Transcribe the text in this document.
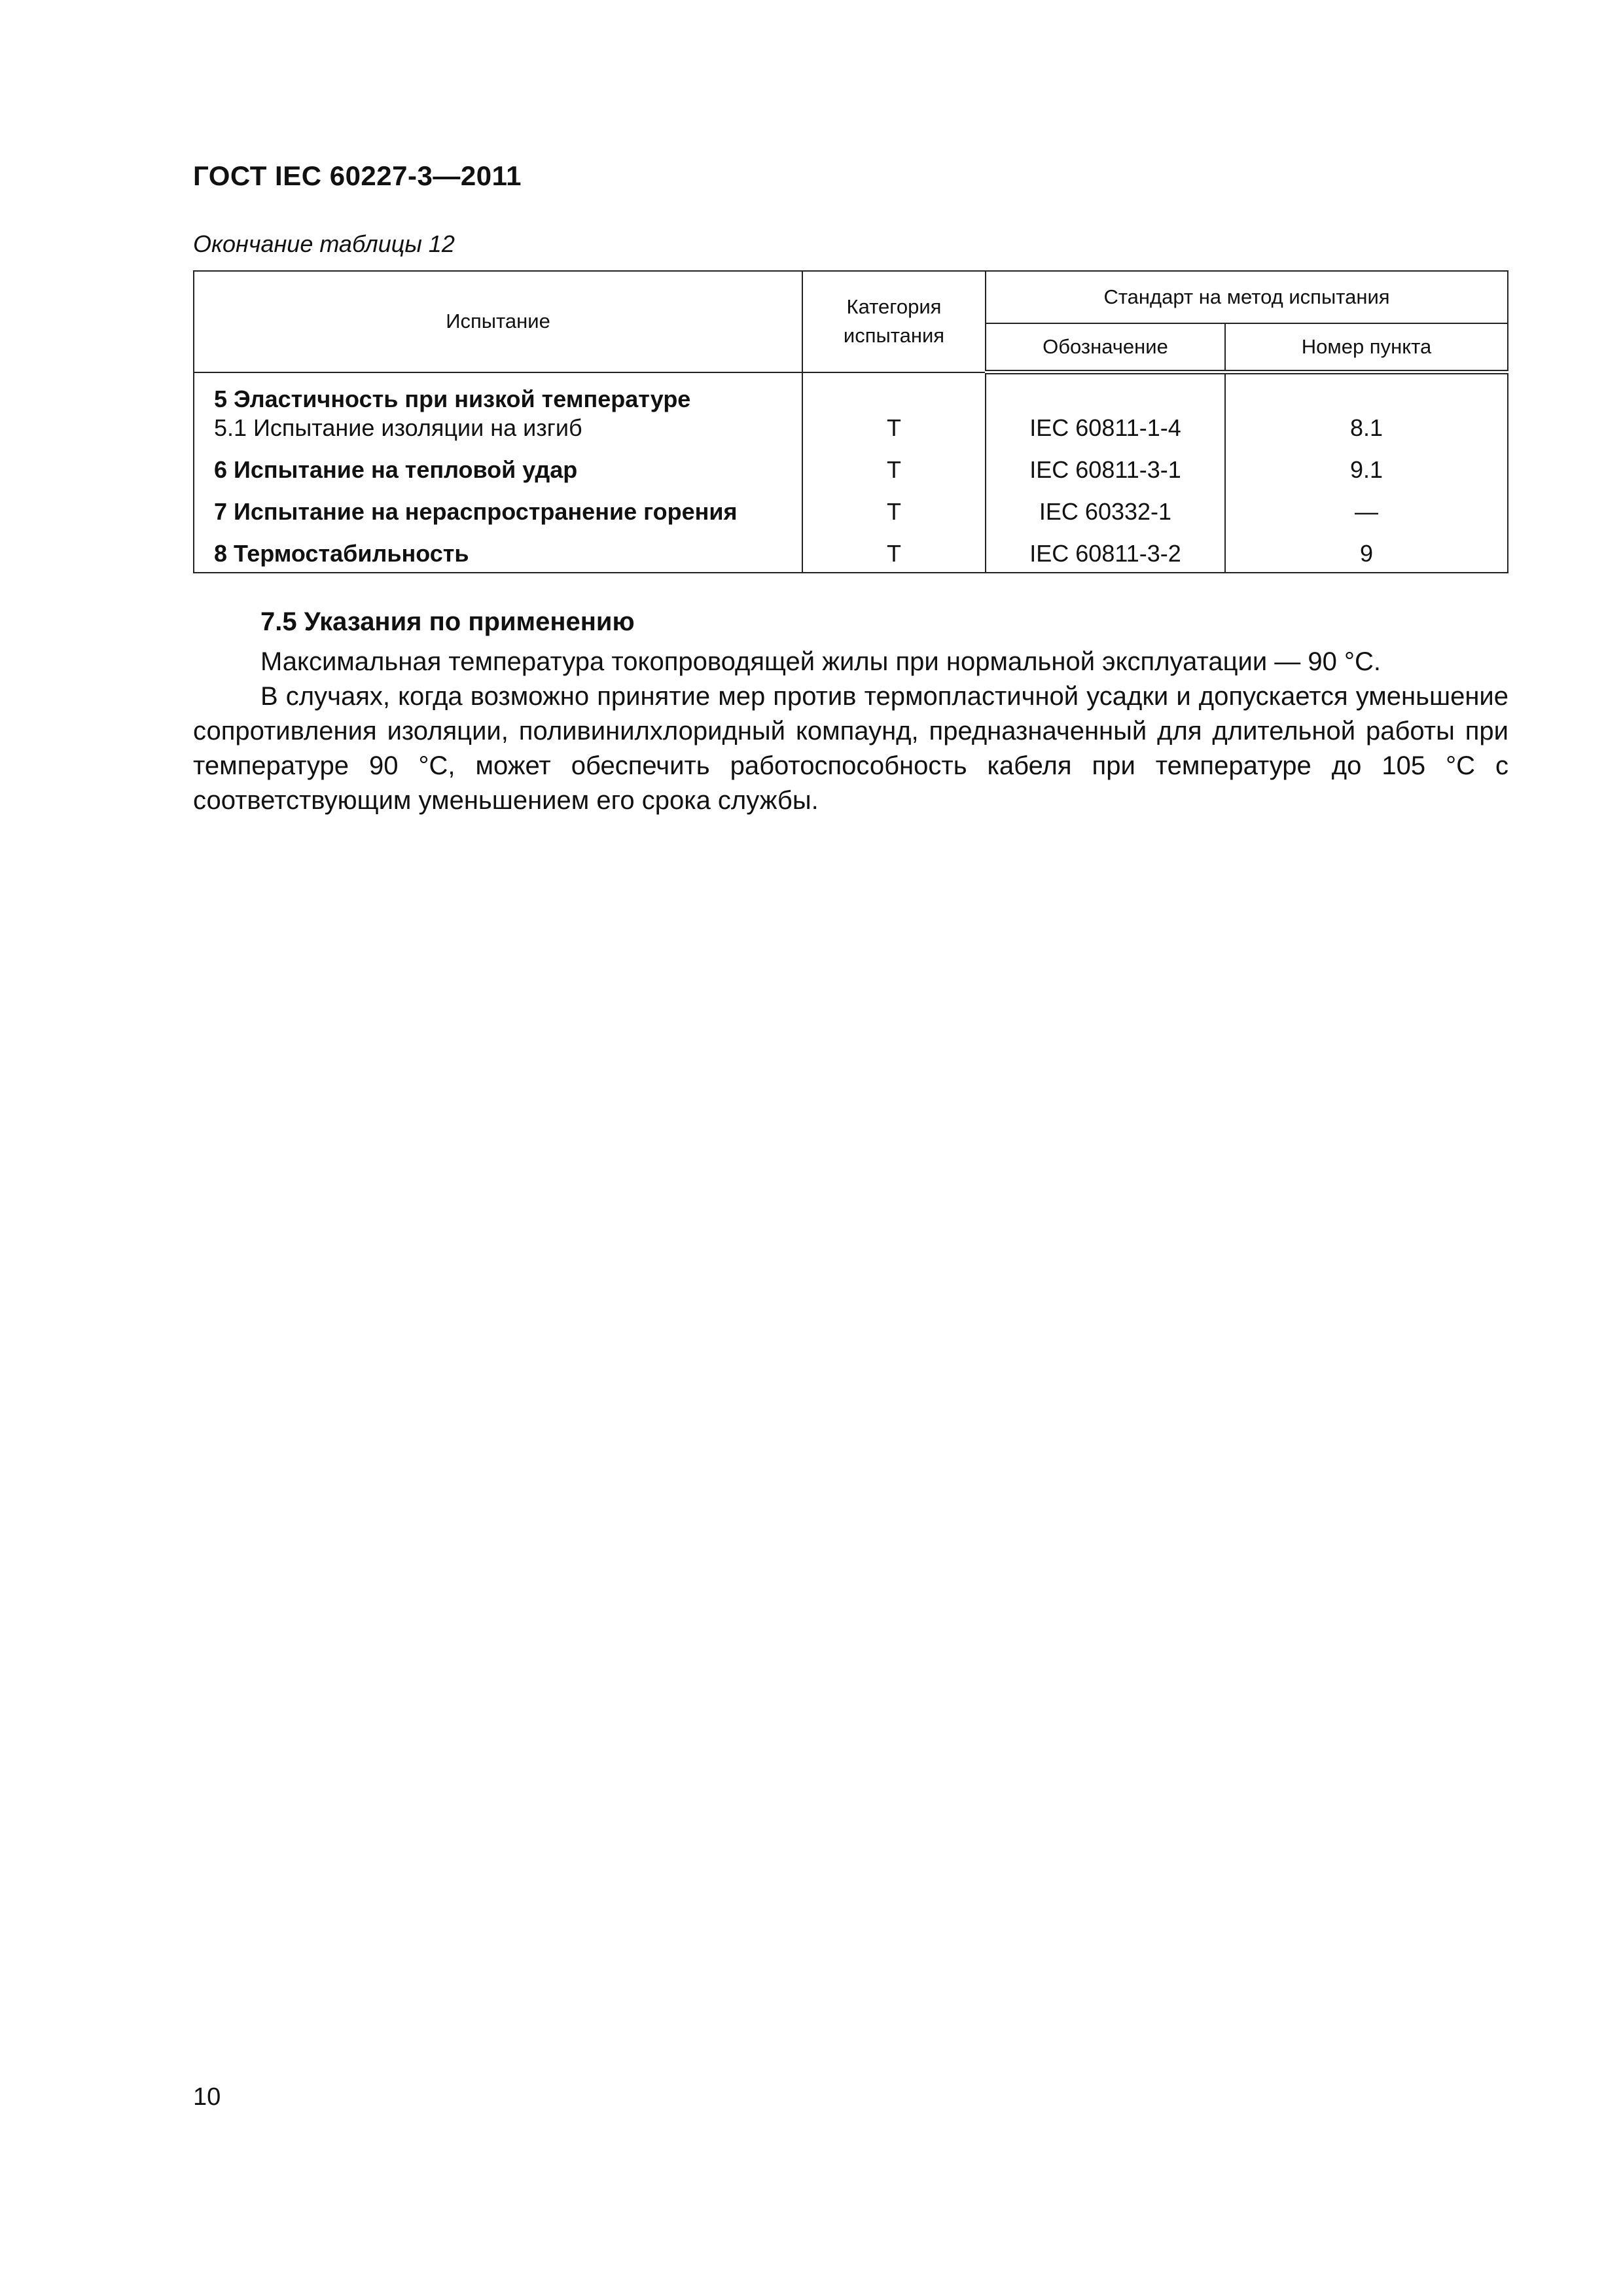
ГОСТ IEC 60227-3—2011
Окончание таблицы 12
Испытание	Категория испытания	Стандарт на метод испытания	
		Обозначение	Номер пункта

5 Эластичность при низкой температуре
5.1 Испытание изоляции на изгиб	Т	IEC 60811-1-4	8.1

6 Испытание на тепловой удар	Т	IEC 60811-3-1	9.1

7 Испытание на нераспространение горения	Т	IEC 60332-1	—

8 Термостабильность	Т	IEC 60811-3-2	9
7.5 Указания по применению
Максимальная температура токопроводящей жилы при нормальной эксплуатации — 90 °С.
В случаях, когда возможно принятие мер против термопластичной усадки и допускается уменьшение сопротивления изоляции, поливинилхлоридный компаунд, предназначенный для длительной работы при температуре 90 °С, может обеспечить работоспособность кабеля при температуре до 105 °С с соответствующим уменьшением его срока службы.
10
